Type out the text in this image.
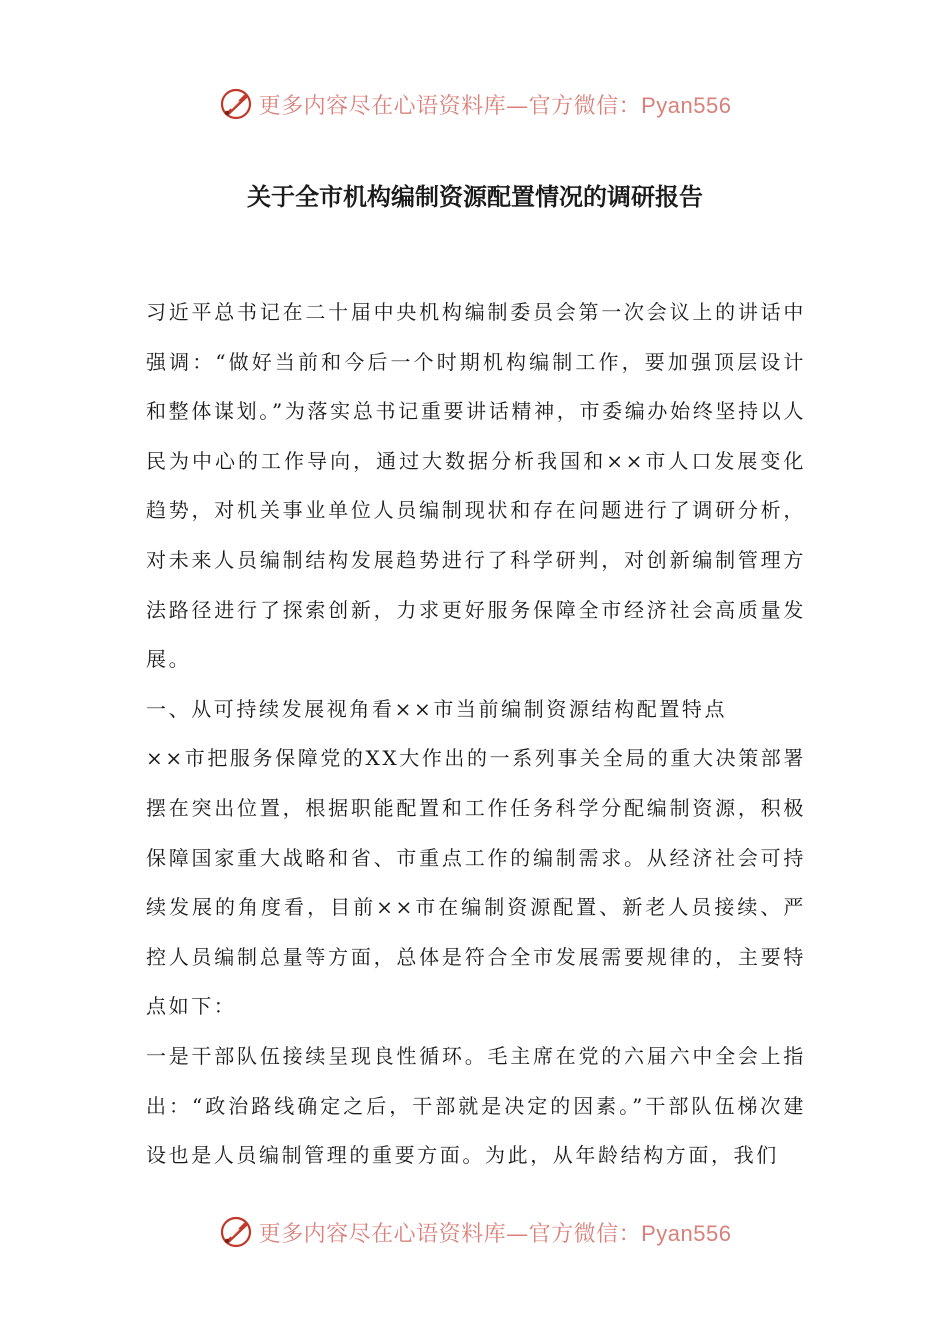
更多内容尽在心语资料库—官方微信：Pyan556
关于全市机构编制资源配置情况的调研报告

习近平总书记在二十届中央机构编制委员会第一次会议上的讲话中强调：“做好当前和今后一个时期机构编制工作，要加强顶层设计和整体谋划。”为落实总书记重要讲话精神，市委编办始终坚持以人民为中心的工作导向，通过大数据分析我国和××市人口发展变化趋势，对机关事业单位人员编制现状和存在问题进行了调研分析，对未来人员编制结构发展趋势进行了科学研判，对创新编制管理方法路径进行了探索创新，力求更好服务保障全市经济社会高质量发展。

一、从可持续发展视角看××市当前编制资源结构配置特点

××市把服务保障党的XX大作出的一系列事关全局的重大决策部署摆在突出位置，根据职能配置和工作任务科学分配编制资源，积极保障国家重大战略和省、市重点工作的编制需求。从经济社会可持续发展的角度看，目前××市在编制资源配置、新老人员接续、严控人员编制总量等方面，总体是符合全市发展需要规律的，主要特点如下：

一是干部队伍接续呈现良性循环。毛主席在党的六届六中全会上指出：“政治路线确定之后，干部就是决定的因素。”干部队伍梯次建设也是人员编制管理的重要方面。为此，从年龄结构方面，我们

更多内容尽在心语资料库—官方微信：Pyan556
